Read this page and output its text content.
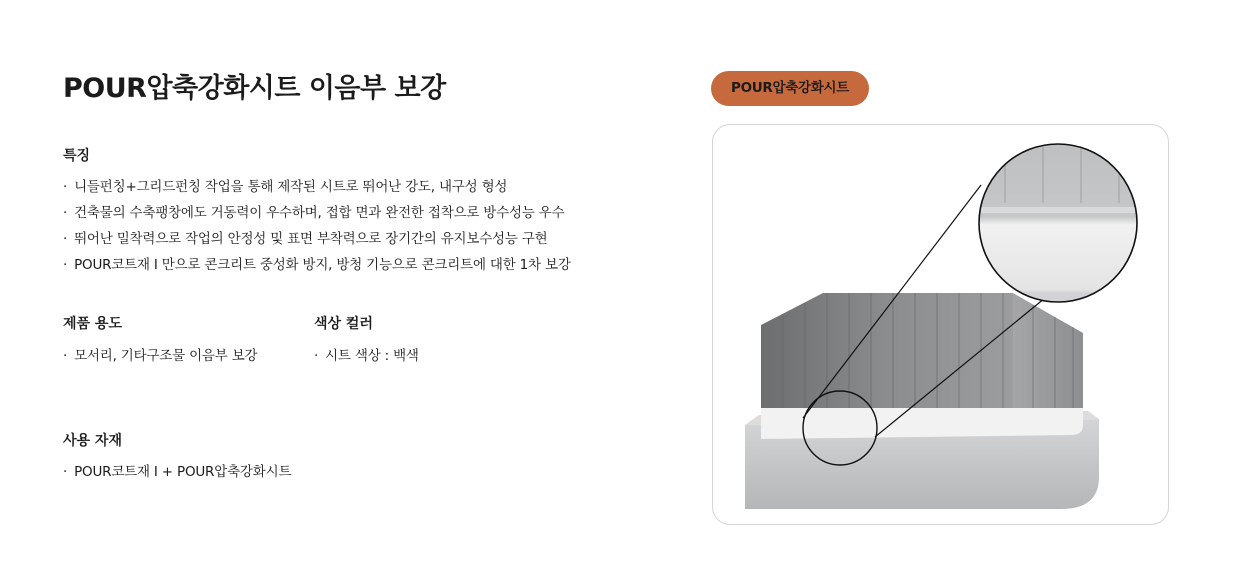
POUR압축강화시트 이음부 보강
특징
· 니들펀칭+그리드펀칭 작업을 통해 제작된 시트로 뛰어난 강도, 내구성 형성
· 건축물의 수축팽창에도 거동력이 우수하며, 접합 면과 완전한 접착으로 방수성능 우수
· 뛰어난 밀착력으로 작업의 안정성 및 표면 부착력으로 장기간의 유지보수성능 구현
· POUR코트재 I 만으로 콘크리트 중성화 방지, 방청 기능으로 콘크리트에 대한 1차 보강
제품 용도
· 모서리, 기타구조물 이음부 보강
색상 컬러
· 시트 색상 : 백색
사용 자재
· POUR코트재 I + POUR압축강화시트
POUR압축강화시트
